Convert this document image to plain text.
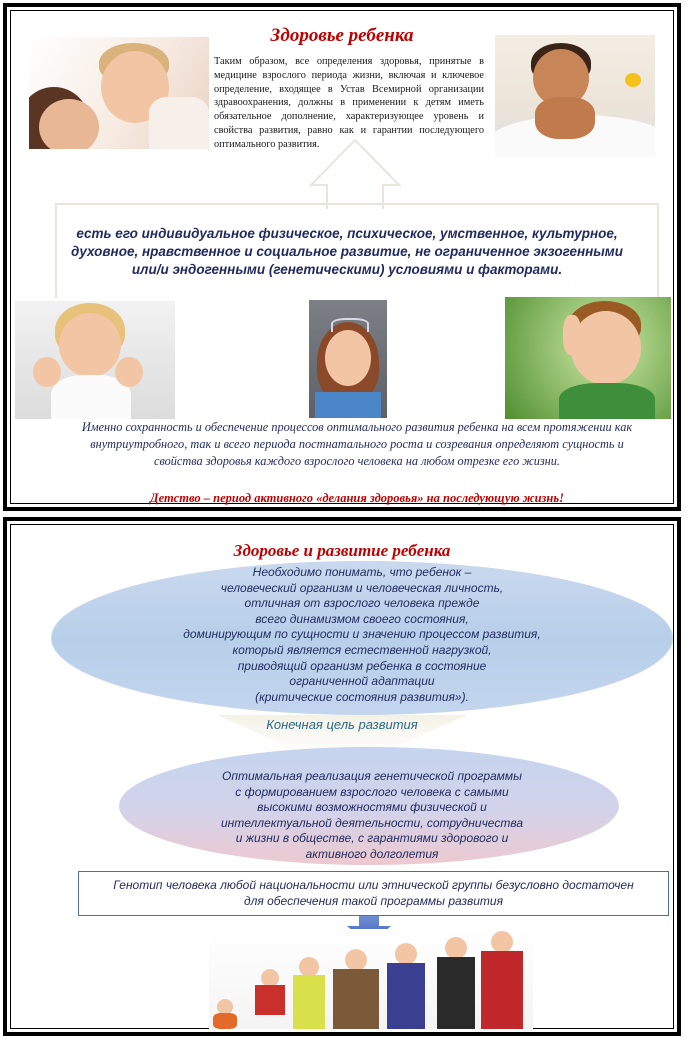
Здоровье ребенка
Таким образом, все определения здоровья, принятые в медицине взрослого периода жизни, включая и ключевое определение, входящее в Устав Всемирной организации здравоохранения, должны в применении к детям иметь обязательное дополнение, характеризующее уровень и свойства развития, равно как и гарантии последующего оптимального развития.
есть его индивидуальное физическое, психическое, умственное, культурное, духовное, нравственное и социальное развитие, не ограниченное экзогенными или/и эндогенными (генетическими) условиями и факторами.
Именно сохранность и обеспечение процессов оптимального развития ребенка на всем протяжении как внутриутробного, так и всего периода постнатального роста и созревания определяют сущность и свойства здоровья каждого взрослого человека на любом отрезке его жизни.
Детство – период активного «делания здоровья» на последующую жизнь!
Здоровье и развитие ребенка
Необходимо понимать, что ребенок –
человеческий организм и человеческая личность,
отличная от взрослого человека прежде
всего динамизмом своего состояния,
доминирующим по сущности и значению процессом развития,
который является естественной нагрузкой,
приводящий организм ребенка в состояние
ограниченной адаптации
(критические состояния развития»).
Конечная цель развития
Оптимальная реализация генетической программы
с формированием взрослого человека с самыми
высокими возможностями физической и
интеллектуальной деятельности, сотрудничества
и жизни в обществе, с гарантиями здорового и
активного долголетия
Генотип человека любой национальности или этнической группы безусловно достаточен
для обеспечения такой программы развития
